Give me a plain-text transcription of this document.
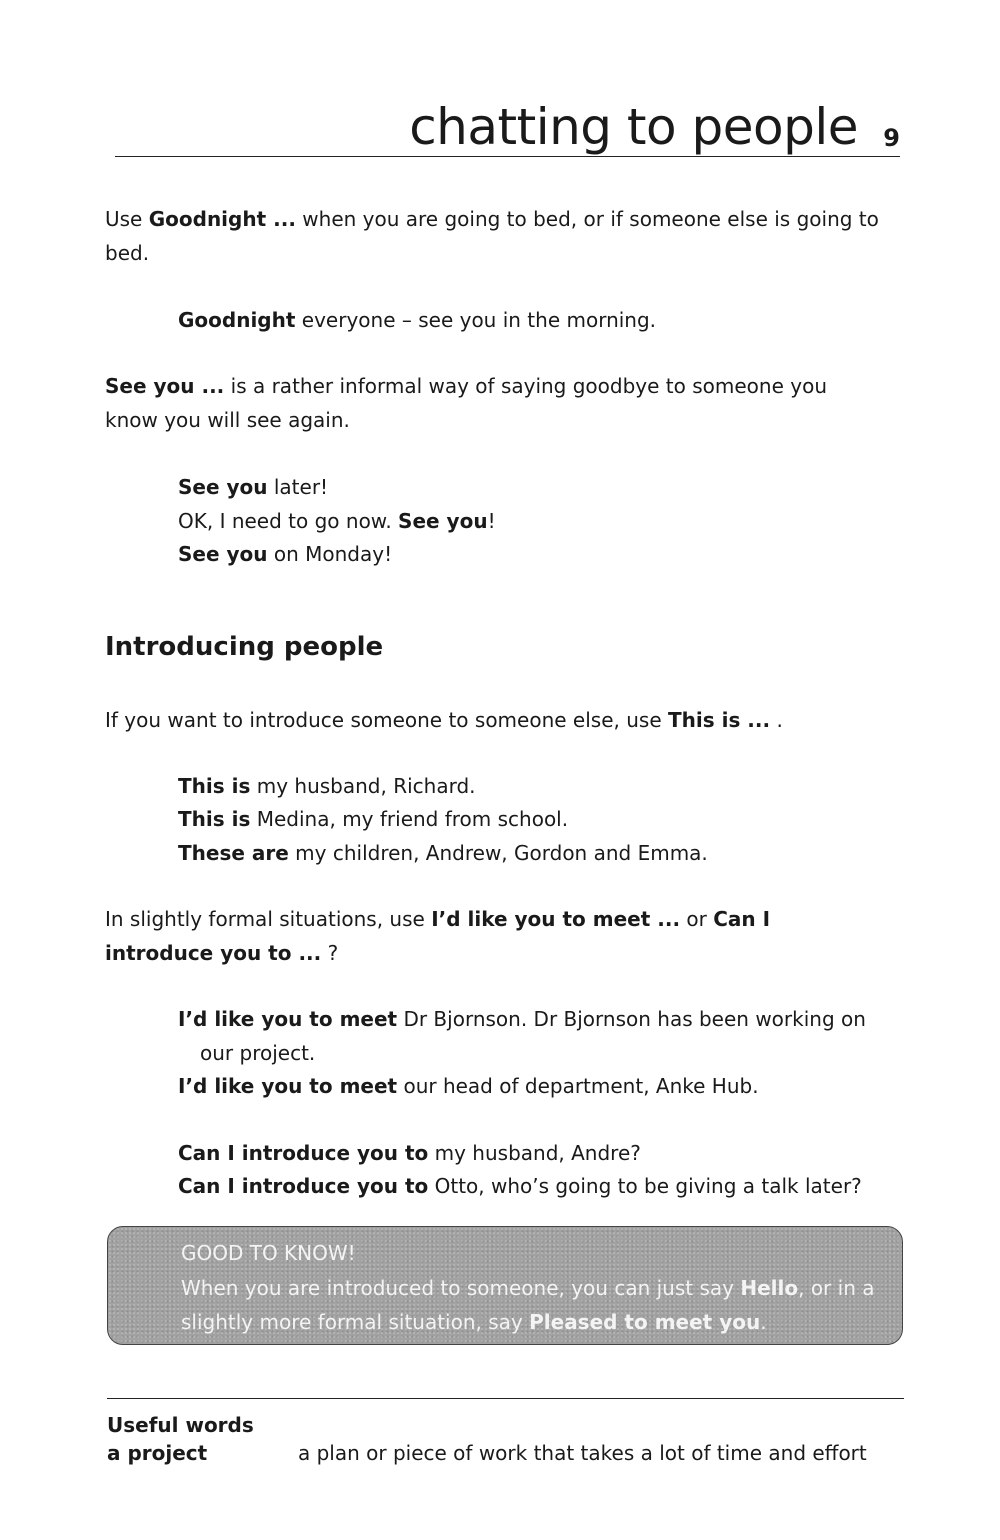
chatting to people 9

Use Goodnight ... when you are going to bed, or if someone else is going to bed.

Goodnight everyone – see you in the morning.

See you ... is a rather informal way of saying goodbye to someone you know you will see again.

See you later!
OK, I need to go now. See you!
See you on Monday!
Introducing people

If you want to introduce someone to someone else, use This is ... .

This is my husband, Richard.
This is Medina, my friend from school.
These are my children, Andrew, Gordon and Emma.

In slightly formal situations, use I’d like you to meet ... or Can I introduce you to ... ?

I’d like you to meet Dr Bjornson. Dr Bjornson has been working on
our project.
I’d like you to meet our head of department, Anke Hub.
Can I introduce you to my husband, Andre?
Can I introduce you to Otto, who’s going to be giving a talk later?
GOOD TO KNOW!
When you are introduced to someone, you can just say Hello, or in a slightly more formal situation, say Pleased to meet you.
Useful words
a project	a plan or piece of work that takes a lot of time and effort
